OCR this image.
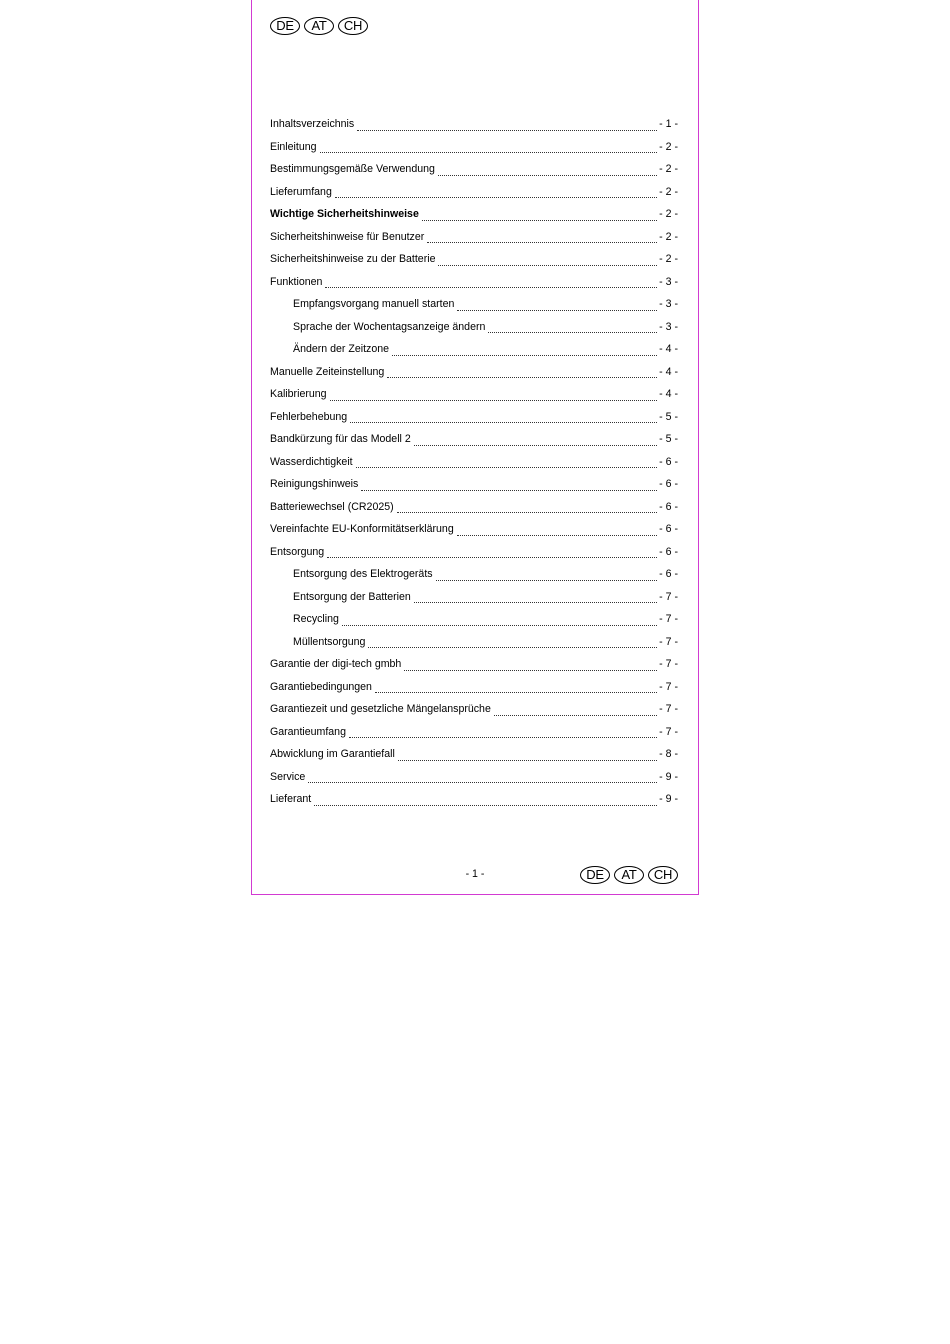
DE	AT	CH
Inhaltsverzeichnis	- 1 -
Einleitung	- 2 -
Bestimmungsgemäße Verwendung	- 2 -
Lieferumfang	- 2 -
Wichtige Sicherheitshinweise	- 2 -
Sicherheitshinweise für Benutzer	- 2 -
Sicherheitshinweise zu der Batterie	- 2 -
Funktionen	- 3 -
Empfangsvorgang manuell starten	- 3 -
Sprache der Wochentagsanzeige ändern	- 3 -
Ändern der Zeitzone	- 4 -
Manuelle Zeiteinstellung	- 4 -
Kalibrierung	- 4 -
Fehlerbehebung	- 5 -
Bandkürzung für das Modell 2	- 5 -
Wasserdichtigkeit	- 6 -
Reinigungshinweis	- 6 -
Batteriewechsel (CR2025)	- 6 -
Vereinfachte EU-Konformitätserklärung	- 6 -
Entsorgung	- 6 -
Entsorgung des Elektrogeräts	- 6 -
Entsorgung der Batterien	- 7 -
Recycling	- 7 -
Müllentsorgung	- 7 -
Garantie der digi-tech gmbh	- 7 -
Garantiebedingungen	- 7 -
Garantiezeit und gesetzliche Mängelansprüche	- 7 -
Garantieumfang	- 7 -
Abwicklung im Garantiefall	- 8 -
Service	- 9 -
Lieferant	- 9 -
- 1 -	DE	AT	CH
